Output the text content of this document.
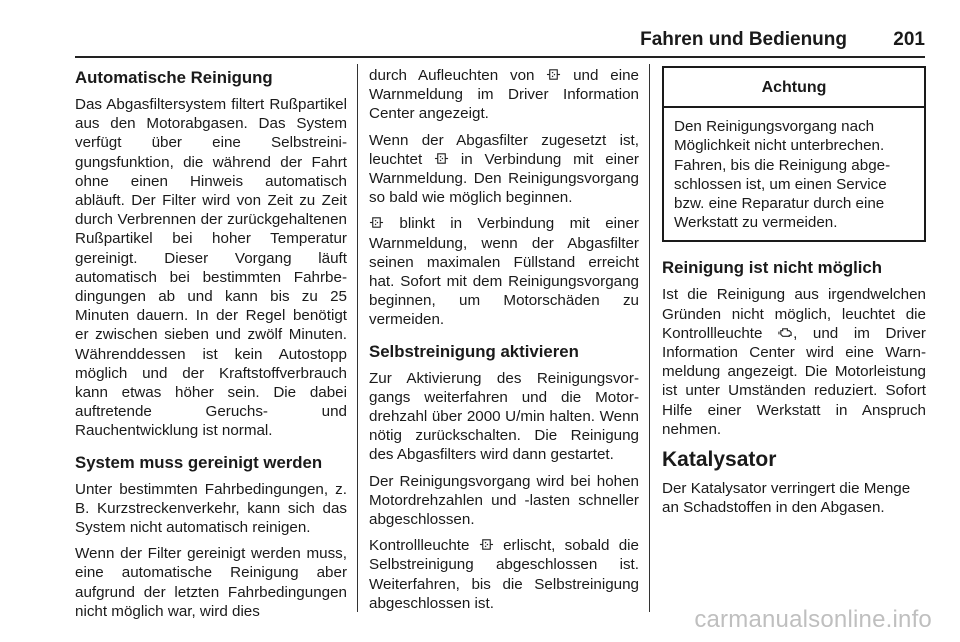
Fahren und Bedienung 201
Automatische Reinigung

Das Abgasfiltersystem filtert Rußpartikel aus den Motorabgasen. Das System verfügt über eine Selbstreinigungsfunktion, die während der Fahrt ohne einen Hinweis automatisch abläuft. Der Filter wird von Zeit zu Zeit durch Verbrennen der zurückgehaltenen Rußpartikel bei hoher Temperatur gereinigt. Dieser Vorgang läuft automatisch bei bestimmten Fahrbedingungen ab und kann bis zu 25 Minuten dauern. In der Regel benötigt er zwischen sieben und zwölf Minuten. Währenddessen ist kein Autostopp möglich und der Kraftstoffverbrauch kann etwas höher sein. Die dabei auftretende Geruchs- und Rauchentwicklung ist normal.

System muss gereinigt werden

Unter bestimmten Fahrbedingungen, z. B. Kurzstreckenverkehr, kann sich das System nicht automatisch reinigen.

Wenn der Filter gereinigt werden muss, eine automatische Reinigung aber aufgrund der letzten Fahrbedingungen nicht möglich war, wird dies

durch Aufleuchten von	und eine Warnmeldung im Driver Information Center angezeigt.

Wenn der Abgasfilter zugesetzt ist, leuchtet	in Verbindung mit einer Warnmeldung. Den Reinigungsvorgang so bald wie möglich beginnen.

blinkt in Verbindung mit einer Warnmeldung, wenn der Abgasfilter seinen maximalen Füllstand erreicht hat. Sofort mit dem Reinigungsvorgang beginnen, um Motorschäden zu vermeiden.

Selbstreinigung aktivieren

Zur Aktivierung des Reinigungsvorgangs weiterfahren und die Motordrehzahl über 2000 U/min halten. Wenn nötig zurückschalten. Die Reinigung des Abgasfilters wird dann gestartet.

Der Reinigungsvorgang wird bei hohen Motordrehzahlen und -lasten schneller abgeschlossen.

Kontrollleuchte erlischt, sobald die Selbstreinigung abgeschlossen ist. Weiterfahren, bis die Selbstreinigung abgeschlossen ist.

Achtung

Den Reinigungsvorgang nach Möglichkeit nicht unterbrechen. Fahren, bis die Reinigung abgeschlossen ist, um einen Service bzw. eine Reparatur durch eine Werkstatt zu vermeiden.

Reinigung ist nicht möglich

Ist die Reinigung aus irgendwelchen Gründen nicht möglich, leuchtet die Kontrollleuchte , und im Driver Information Center wird eine Warnmeldung angezeigt. Die Motorleistung ist unter Umständen reduziert. Sofort Hilfe einer Werkstatt in Anspruch nehmen.

Katalysator

Der Katalysator verringert die Menge an Schadstoffen in den Abgasen.

carmanualsonline.info
